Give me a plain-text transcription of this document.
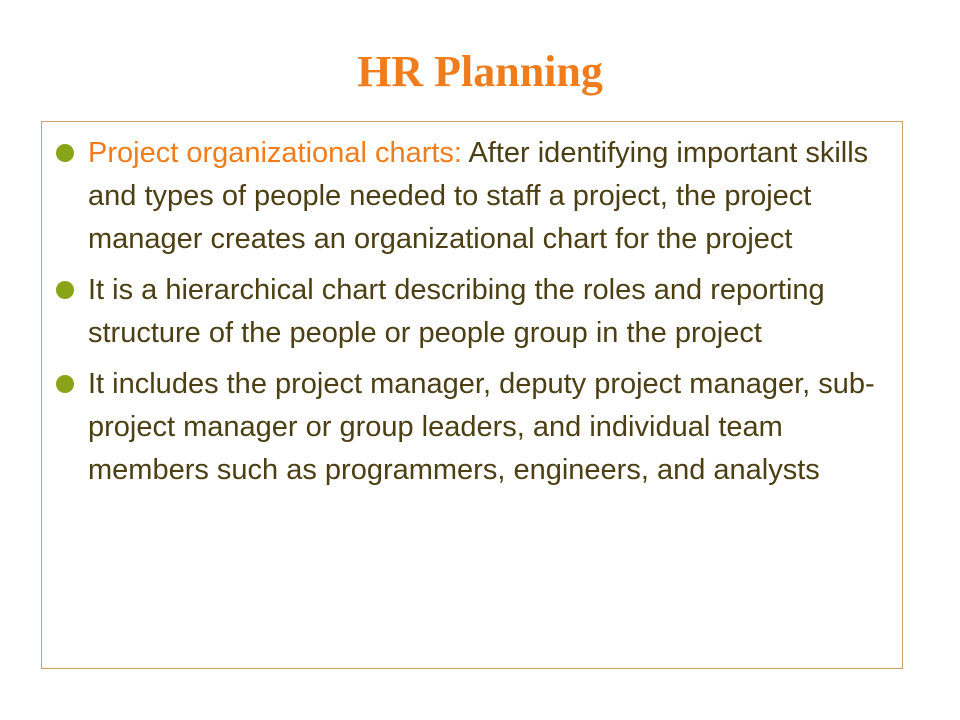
HR Planning
Project organizational charts: After identifying important skills and types of people needed to staff a project, the project manager creates an organizational chart for the project
It is a hierarchical chart describing the roles and reporting structure of the people or people group in the project
It includes the project manager, deputy project manager, sub-project manager or group leaders, and individual team members such as programmers, engineers, and analysts
